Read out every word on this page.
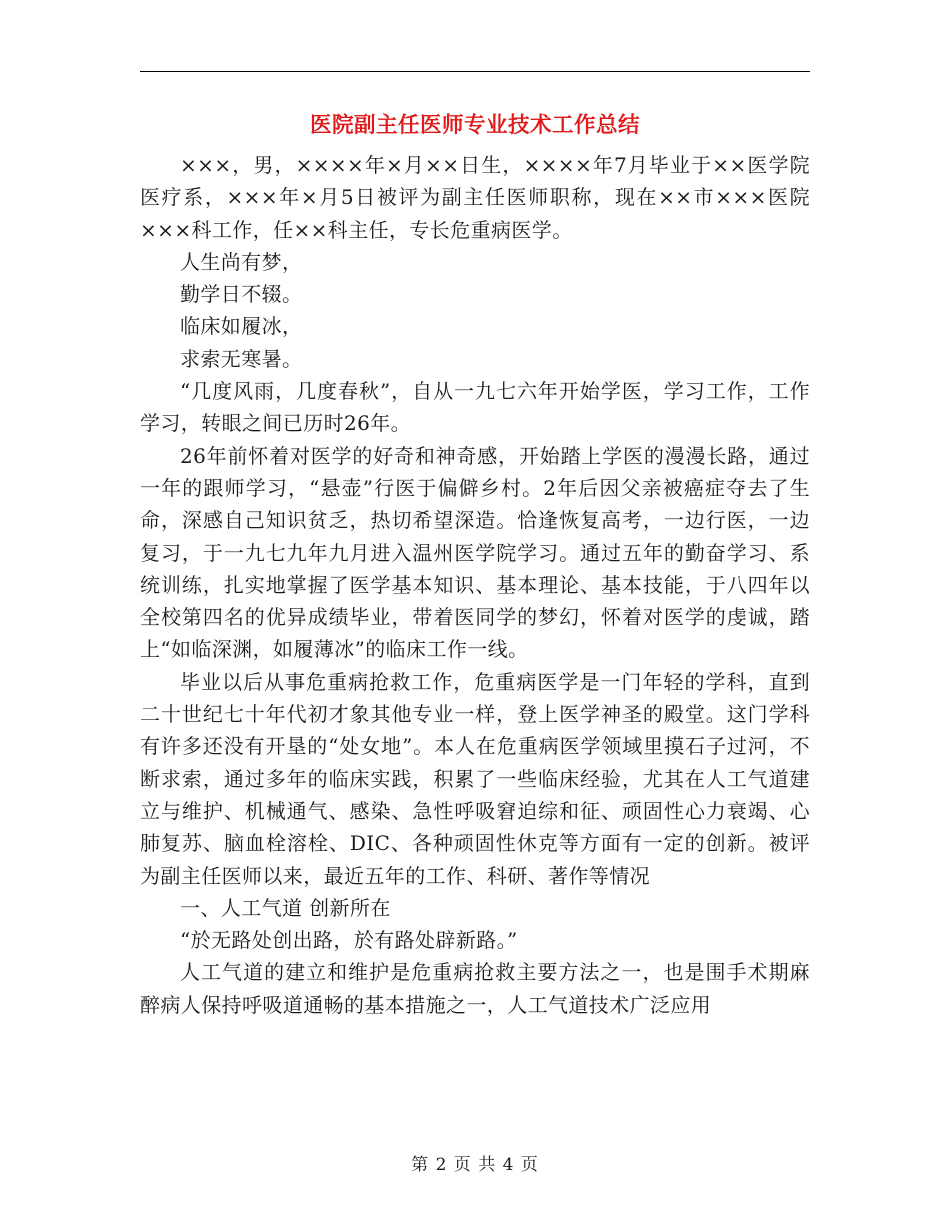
医院副主任医师专业技术工作总结

×××，男，××××年×月××日生，××××年7月毕业于××医学院医疗系，×××年×月5日被评为副主任医师职称，现在××市×××医院×××科工作，任××科主任，专长危重病医学。

人生尚有梦，

勤学日不辍。

临床如履冰，

求索无寒暑。

“几度风雨，几度春秋”，自从一九七六年开始学医，学习工作，工作学习，转眼之间已历时26年。

26年前怀着对医学的好奇和神奇感，开始踏上学医的漫漫长路，通过一年的跟师学习，“悬壶”行医于偏僻乡村。2年后因父亲被癌症夺去了生命，深感自己知识贫乏，热切希望深造。恰逢恢复高考，一边行医，一边复习，于一九七九年九月进入温州医学院学习。通过五年的勤奋学习、系统训练，扎实地掌握了医学基本知识、基本理论、基本技能，于八四年以全校第四名的优异成绩毕业，带着医同学的梦幻，怀着对医学的虔诚，踏上“如临深渊，如履薄冰”的临床工作一线。

毕业以后从事危重病抢救工作，危重病医学是一门年轻的学科，直到二十世纪七十年代初才象其他专业一样，登上医学神圣的殿堂。这门学科有许多还没有开垦的“处女地”。本人在危重病医学领域里摸石子过河，不断求索，通过多年的临床实践，积累了一些临床经验，尤其在人工气道建立与维护、机械通气、感染、急性呼吸窘迫综和征、顽固性心力衰竭、心肺复苏、脑血栓溶栓、DIC、各种顽固性休克等方面有一定的创新。被评为副主任医师以来，最近五年的工作、科研、著作等情况

一、人工气道 创新所在

“於无路处创出路，於有路处辟新路。”

人工气道的建立和维护是危重病抢救主要方法之一，也是围手术期麻醉病人保持呼吸道通畅的基本措施之一，人工气道技术广泛应用

第 2 页 共 4 页
